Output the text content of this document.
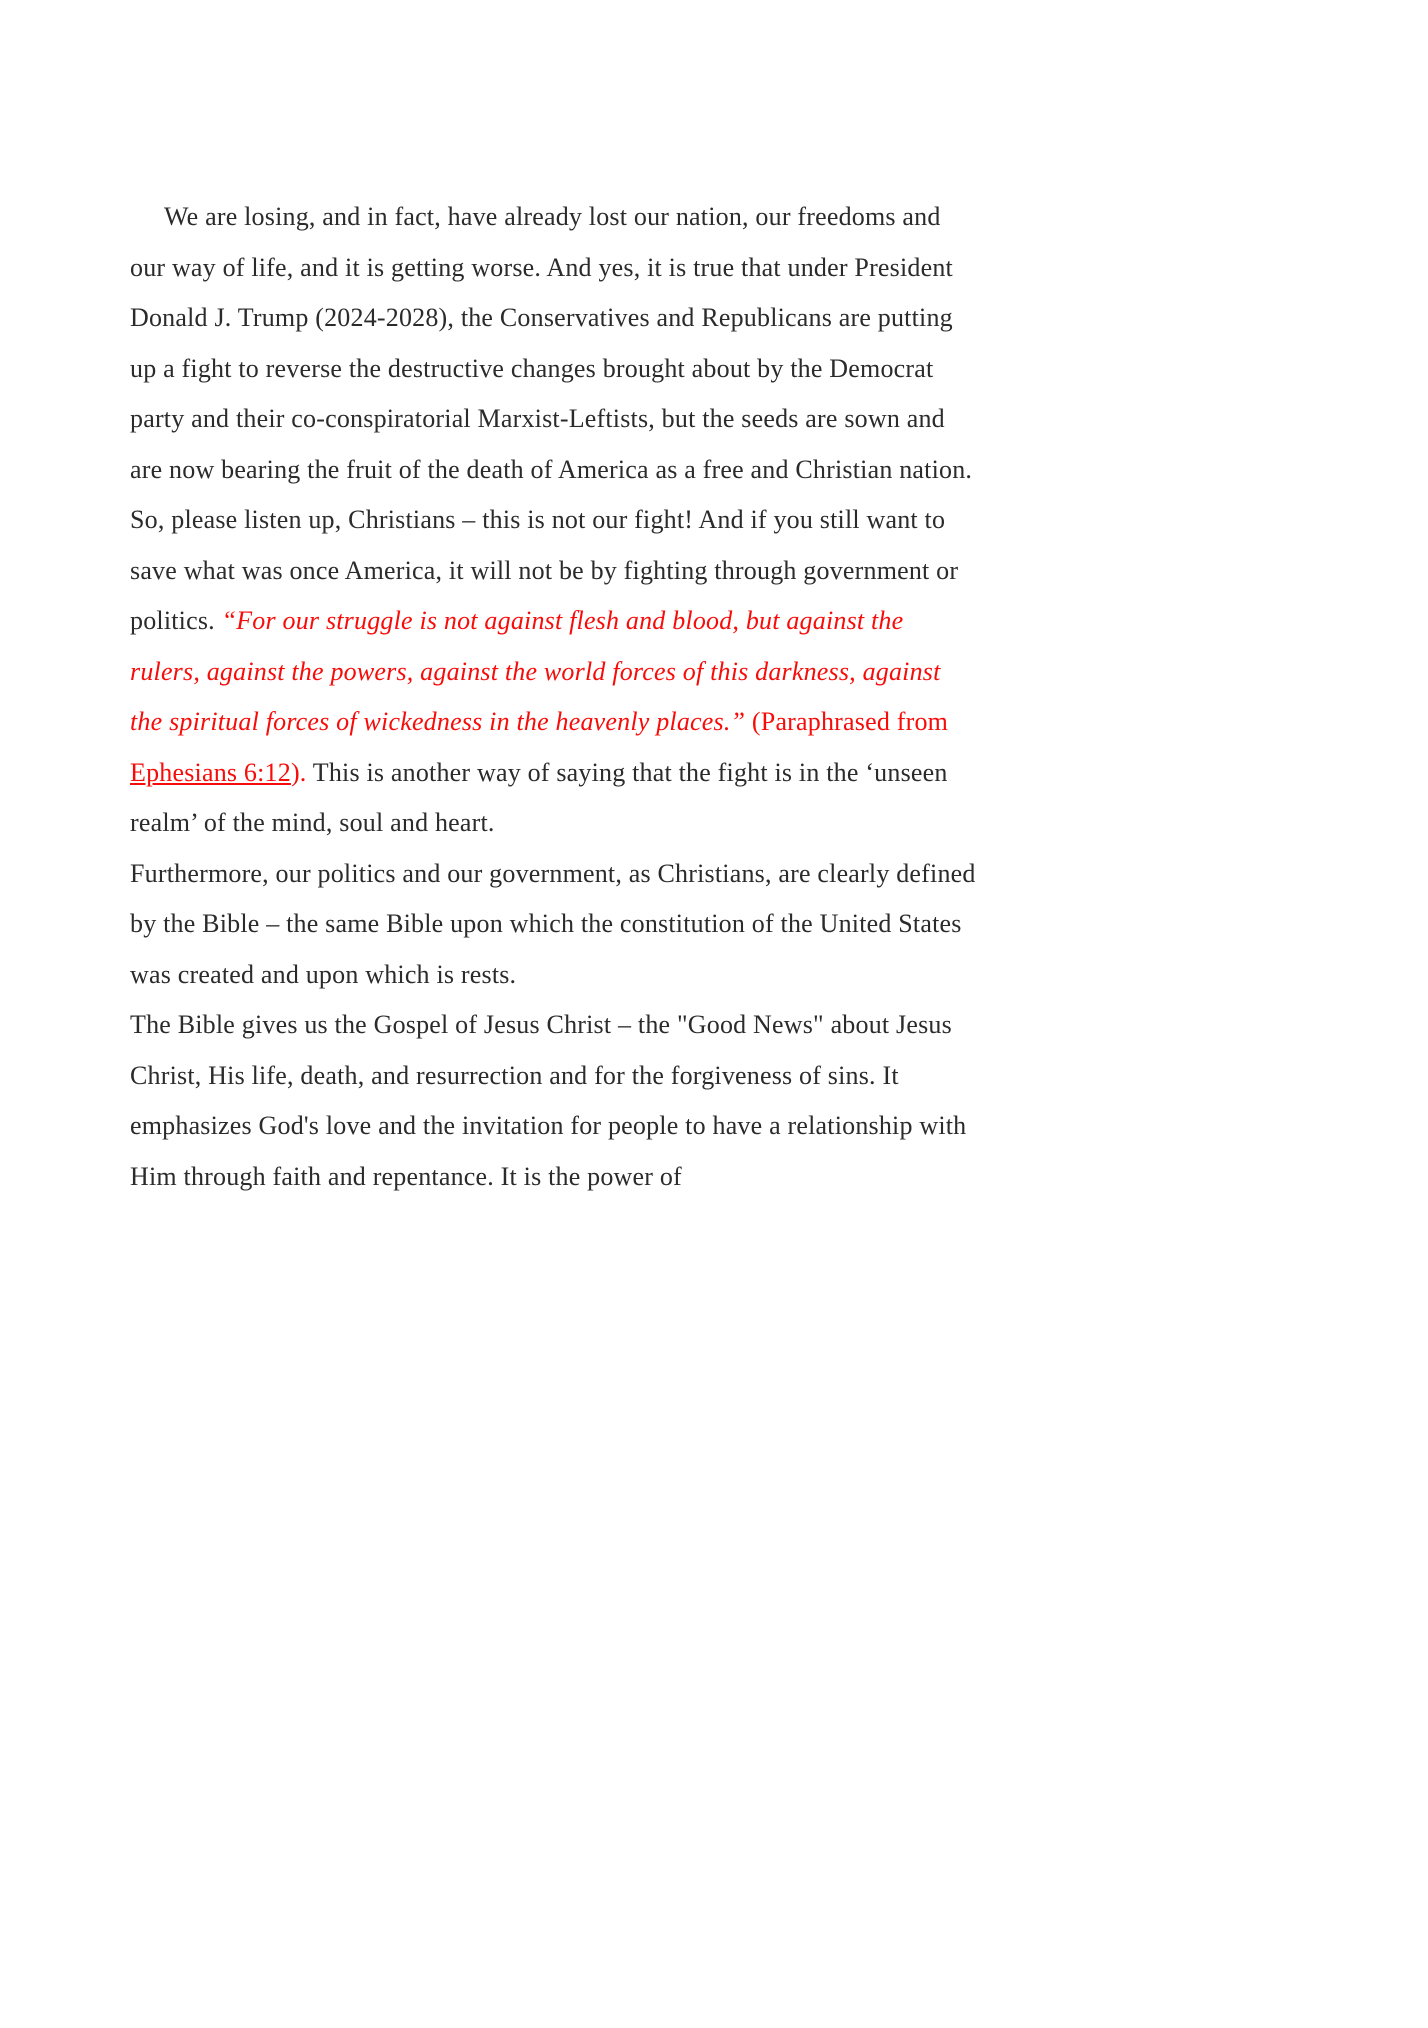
We are losing, and in fact, have already lost our nation, our freedoms and our way of life, and it is getting worse. And yes, it is true that under President Donald J. Trump (2024-2028), the Conservatives and Republicans are putting up a fight to reverse the destructive changes brought about by the Democrat party and their co-conspiratorial Marxist-Leftists, but the seeds are sown and are now bearing the fruit of the death of America as a free and Christian nation.

So, please listen up, Christians – this is not our fight! And if you still want to save what was once America, it will not be by fighting through government or politics. “For our struggle is not against flesh and blood, but against the rulers, against the powers, against the world forces of this darkness, against the spiritual forces of wickedness in the heavenly places.” (Paraphrased from Ephesians 6:12). This is another way of saying that the fight is in the ‘unseen realm’ of the mind, soul and heart.

Furthermore, our politics and our government, as Christians, are clearly defined by the Bible – the same Bible upon which the constitution of the United States was created and upon which is rests.

The Bible gives us the Gospel of Jesus Christ – the "Good News" about Jesus Christ, His life, death, and resurrection and for the forgiveness of sins. It emphasizes God's love and the invitation for people to have a relationship with Him through faith and repentance. It is the power of
